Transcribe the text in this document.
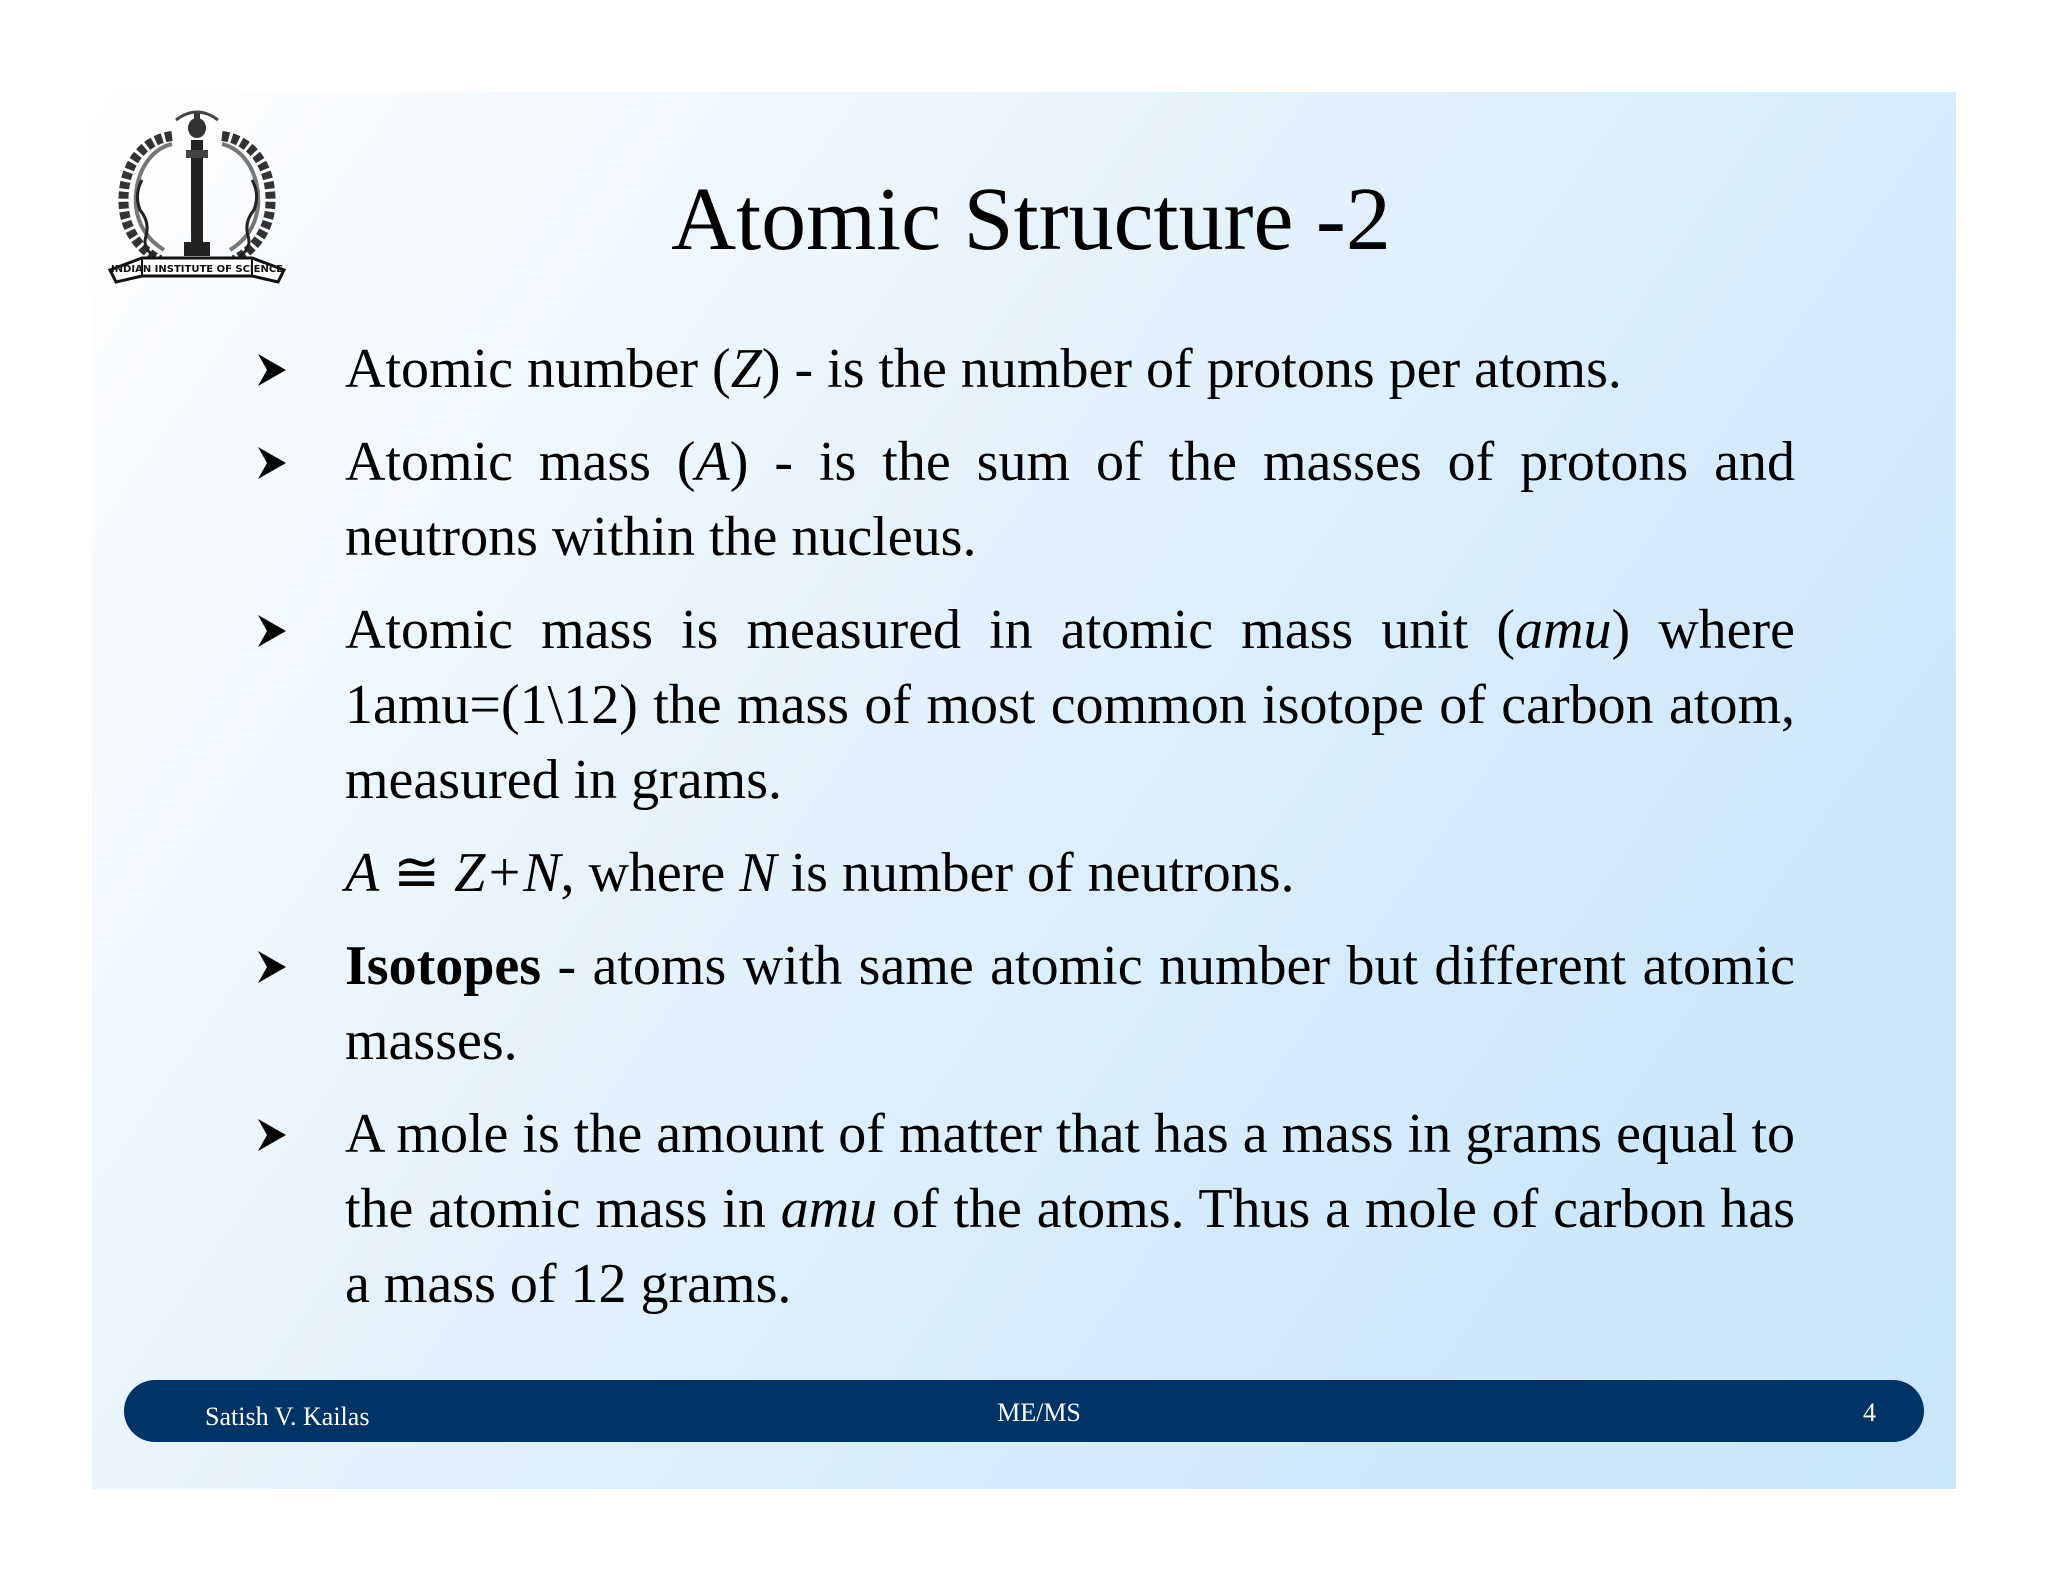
INDIAN INSTITUTE OF SCIENCE
Atomic Structure -2
Atomic number (Z) - is the number of protons per atoms.
Atomic mass (A) - is the sum of the masses of protons and neutrons within the nucleus.
Atomic mass is measured in atomic mass unit (amu) where 1amu=(1\12) the mass of most common isotope of carbon atom, measured in grams.
A ≅ Z+N, where N is number of neutrons.
Isotopes - atoms with same atomic number but different atomic masses.
A mole is the amount of matter that has a mass in grams equal to the atomic mass in amu of the atoms. Thus a mole of carbon has a mass of 12 grams.
Satish V. Kailas	ME/MS	4
